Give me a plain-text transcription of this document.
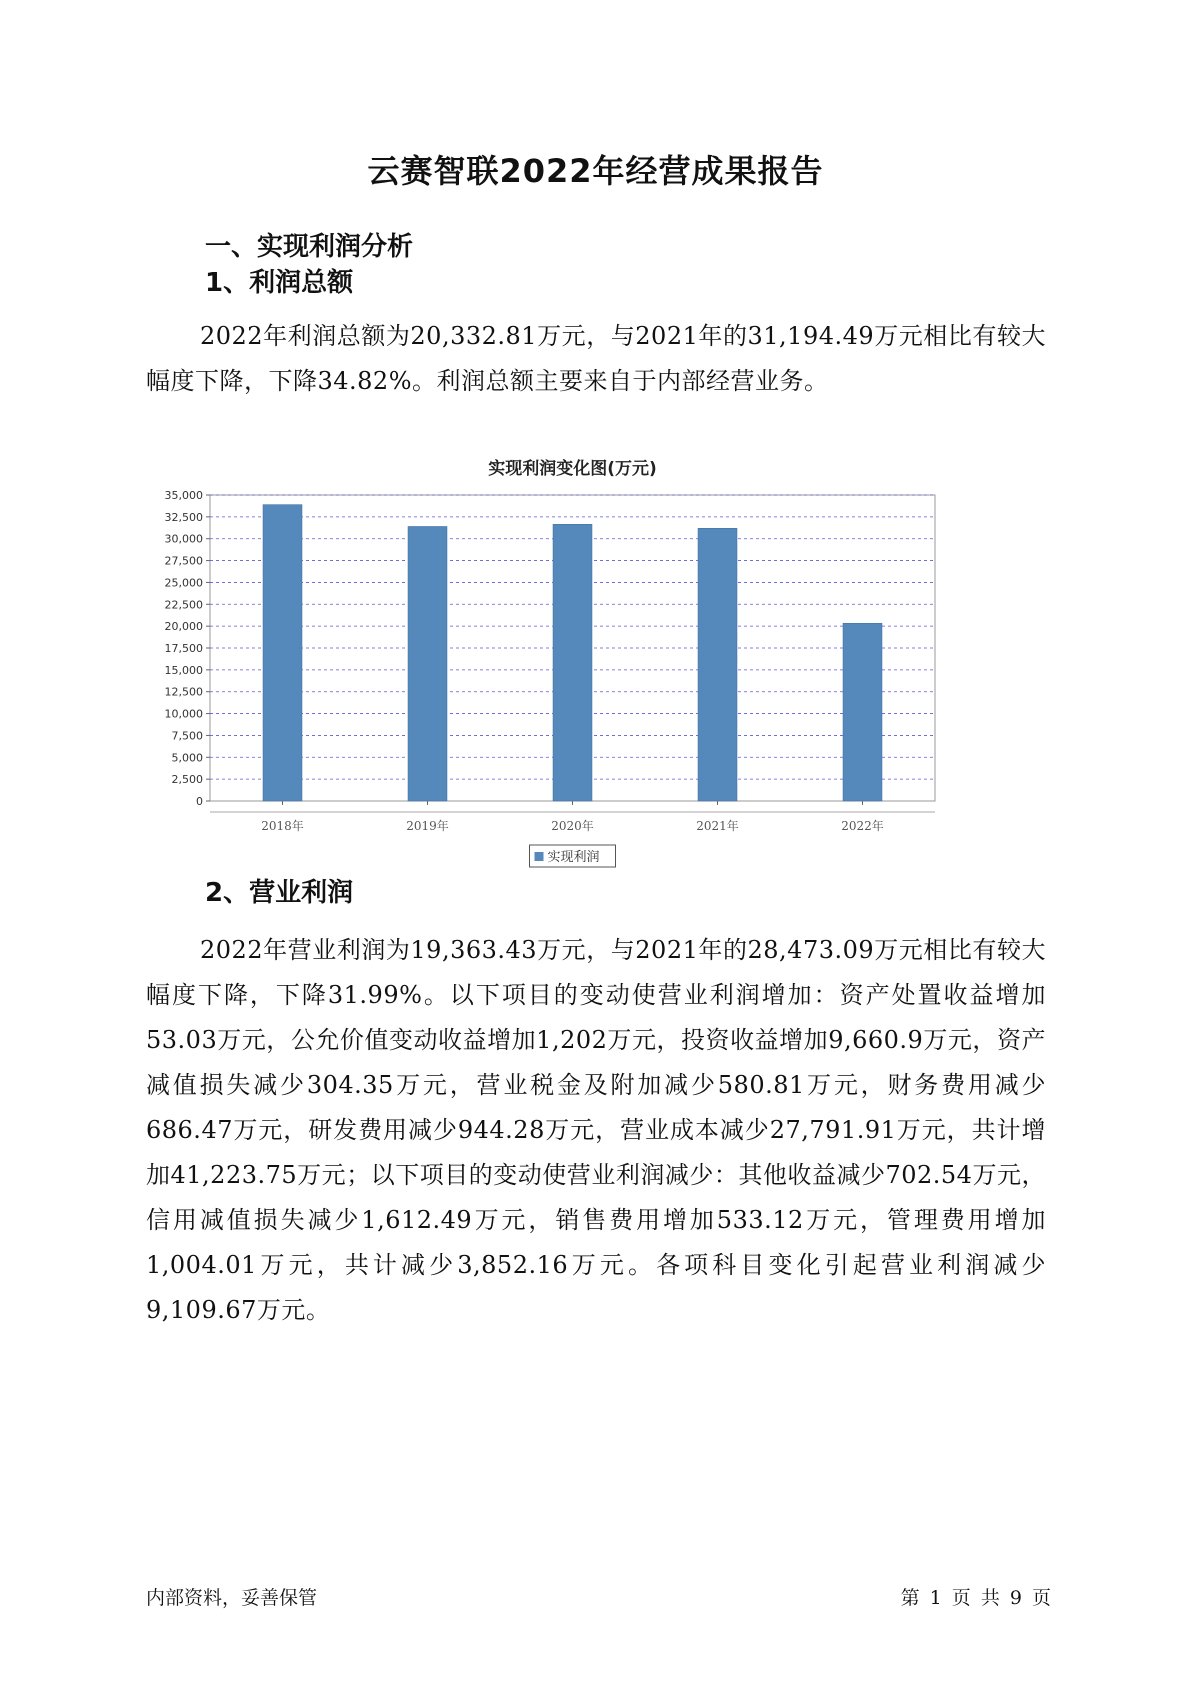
云赛智联2022年经营成果报告
一、实现利润分析
1、利润总额
2022年利润总额为20,332.81万元，与2021年的31,194.49万元相比有较大幅度下降，下降34.82%。利润总额主要来自于内部经营业务。
实现利润变化图(万元)
0
2,500
5,000
7,500
10,000
12,500
15,000
17,500
20,000
22,500
25,000
27,500
30,000
32,500
35,000
2018年	2019年	2020年	2021年	2022年
实现利润
2、营业利润
2022年营业利润为19,363.43万元，与2021年的28,473.09万元相比有较大幅度下降，下降31.99%。以下项目的变动使营业利润增加：资产处置收益增加53.03万元，公允价值变动收益增加1,202万元，投资收益增加9,660.9万元，资产减值损失减少304.35万元，营业税金及附加减少580.81万元，财务费用减少686.47万元，研发费用减少944.28万元，营业成本减少27,791.91万元，共计增加41,223.75万元；以下项目的变动使营业利润减少：其他收益减少702.54万元，信用减值损失减少1,612.49万元，销售费用增加533.12万元，管理费用增加1,004.01万元，共计减少3,852.16万元。各项科目变化引起营业利润减少9,109.67万元。
内部资料，妥善保管	第 1 页 共 9 页
